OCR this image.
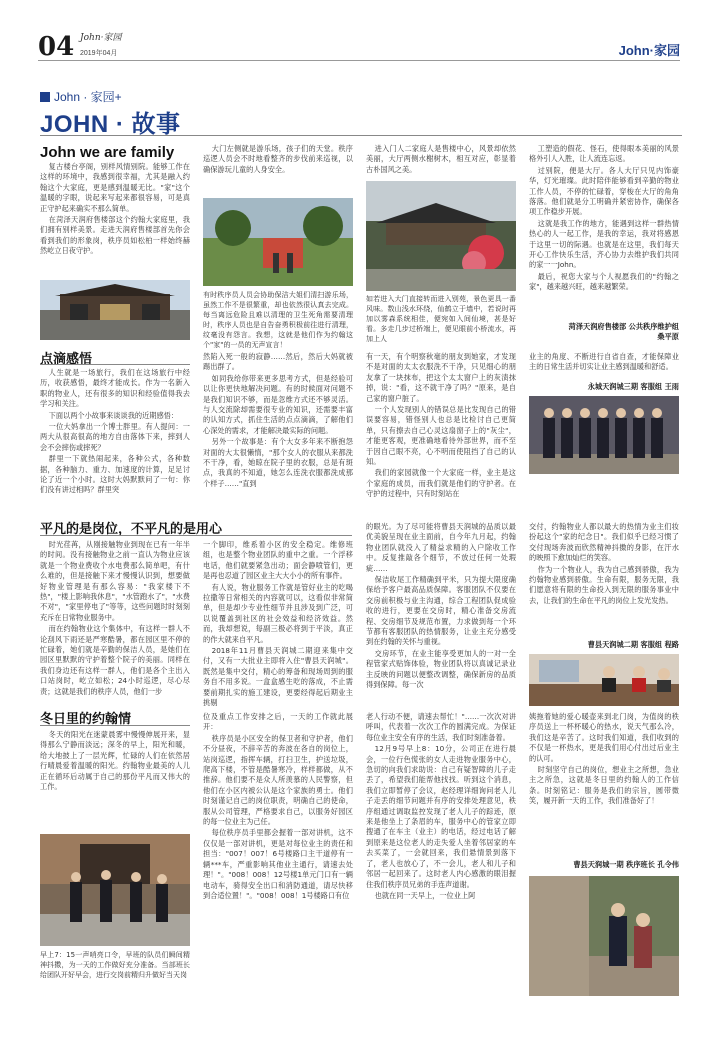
04 John·家园
2019年04月	John·家园
John · 家园+
JOHN · 故事
John we are family

复古楼台亭阁，别样风情别院。能够工作在这样的环境中，我感到很幸福，尤其是融入约翰这个大家庭，更是感到温暖无比。"家"这个温暖的字眼，说起来写起来都很容易，可是真正守护起来确实不那么简单。

在菏泽天润府售楼部这个约翰大家庭里，我们拥有别样美景。走进天润府售楼部首先你会看到我们的形象岗，秩序员如松柏一样始终赫然屹立日夜守护。

大门左侧就是游乐场，孩子们的天堂。秩序巡逻人员会不时地看整齐的步伐前来巡视，以确保游玩儿童的人身安全。

有时秩序员人员会协助保洁大姐们清扫游乐场，虽然工作不是很繁重，却也依然很认真去完成。每当离远危险且难以清理的卫生死角需要清理时，秩序人员也是自告奋勇积极前往进行清理，纹毫没有怨言。我想，这就是他们作为约翰这个"家"的一员的无声宣言！

进入门人二家庭人是售楼中心，风景却依然美丽，大厅两侧水榭树木，相互对应，彰显着古朴国风之美。

如若进入大门直接转而进入别苑，景色更具一番风味。数山浅水环绕，仙鹤立于墙中，若说时再加以雾森系统相佳，便宛如入间仙境，甚是好看。多走几步过桥端上，便见眼前小桥流水，再加上人

工塑造的假花、怪石，使得眼本美丽的风景格外引人入胜，让人流连忘返。

过别院，便是大厅。各人大厅只见内饰豪华，灯光璀璨。此时陪伴能够看到辛勤的物业工作人员，不停的忙碌着，穿梭在大厅的角角落落。他们就是分工明确并紧密协作，确保各项工作稳步开展。

这就是我工作的地方，能遇到这样一群热情热心的人一起工作，是我的幸运，我对将感恩于这里一切的际遇。也就是在这里，我们每天开心工作快乐生活，齐心协力去维护我们共同的家一一John。

最后，祝您大家与个人视愿我们的"约翰之家"，越来越兴旺，越来越繁荣。

菏泽天润府售楼部 公共秩序维护组
桑平原
点滴感悟

人生就是一场旅行，我们在这场旅行中经历，收获感悟，最终才能成长。作为一名新入职的物业人，还有很多的知识和经验值得我去学习和关注。

下面以两个小故事来谈谈我的近期感悟：

一位大妈拿出一个博士胖里。有人提问：一两大从很高很高的地方自由落体下来，摔到人会不会摔伤或摔死？

群里一下就热闹起来，各种公式，各种数据，各种脑力、重力、加速度的计算，足足讨论了近一个小时。这时大妈默默问了一句：你们没有讲过相吗？群里突

然陷入死一般的寂静……然后，然后大妈就被踢出群了。

如同我给你带来更多思考方式，但是经验可以让你更快地解决问题。有的时候面对问题不是我们知识不够，而是忽维方式还不够灵活。与人交流除却需要很专业的知识，还需要丰富的认知方式，抓住生活的点点滴滴，了解他们心深处的需求，才能解决最实际的问题。

另外一个故事是：有个大女多年来不断抱怨对面的大太很懒惰，"那个女人的衣服从来都洗不干净，看，她晾在院子里的衣服，总是有斑点，我真的不知道，她怎么连洗衣服都洗成那个样子……"直到

有一天，有个明察秋毫的朋友到她家，才发现不是对面的太太衣服洗不干净，只见细心的朋友拿了一块抹布，把这个太太窗户上的灰渍抹掉，说："看，这不就干净了吗？"原来，是自己家的窗户脏了。

一个人发现别人的错误总是比发现自己的错误要容易，错怪别人也总是比检讨自己更简单，只有擦去自己心灵这扇窗子上的"灰尘"，才能更客观，更准确地看待外部世界，而不至于因自己眼不亮，心不明而使阻挡了自己的认知。

我们的家园就像一个大家庭一样，业主是这个家庭的成员，而我们就是他们的守护者。在守护的过程中，只有时刻站在

业主的角度、不断进行自省自查，才能保障业主的日常生活并切实让业主感到温暖和舒适。

永城天润城三期 客服组 王雨
平凡的是岗位，不平凡的是用心

时光荏苒，从刚接触物业到现在已有一年半的时间。没有接触物业之前一直认为物业应该就是一个物业费收个水电费那么简单吧，有什么难的，但是接触下来才慢慢认识到，想要做好物业管理是有那么容易："我家楼下不热"，"楼上影响我休息"，"水管跑水了"，"水费不对"，"家里停电了"等等，这些问题时时刻刻充斥在日常物业服务中。

而在约翰物业这个集体中，有这样一群人不论刮风下雨还是严寒酷暑，都在园区里不停的忙碌着，她们就是辛勤的保洁人员，是她们在园区里默默的守护着整个院子的美丽。同样在我们身边还有这样一群人，他们是各个主出入口站岗时，屹立如松；24小时巡逻，尽心尽责；这就是我们的秩序人员，他们一步

一个脚印，维系着小区的安全稳定。维修班组，也是整个物业团队的重中之重。一个浮移电话，他们就要紧急出动；面会静喷管们，更是再也忍道了园区业主大大小小的所有事件。

有人说，物业服务工作就是管好业主的吃喝拉撒等日常相关的内容就可以，这看似非常简单，但是却少专业性细节并且涉及到广泛，可以说覆盖到社区的社会效益和经济效益。然而，我却想说，每副三极必将到于平淡，真正的作大就来自平凡。

2018年11月曹县天润城二期迎来集中交付，又有一大批业主即将入住"曹县天润城"。既然是集中交付，精心的筹备和现场周到的服务自不用多说。一盒盒感生吃的落成，不止需要前期扎实的施工建设，更要经得起后期业主挑剔

的眼光。为了尽可能将曹县天润城的品质以最优美貌呈现在业主面前，自今年九月起，约翰物业团队就没入了精益求精的入户除收工作中。反复推敲各个细节，不放过任何一处瑕疵……

保洁收尾工作精确到平米，只为提大限度确保给予客户最高品质保障。客服团队不仅要在交房前积极与业主沟通，综合工程团队促成验收的进行，更要在交房时，精心准备交房流程、交房细节及规范布置，力求做到每一个环节都有客服团队的热情服务，让业主充分感受到在约翰的关怀与重视。

交房环节，在业主能享受更加人的一对一全程管家式贴饰体验，物业团队将以真诚记录业主反映的问题以便整改调整，确保新房的品质得到保障。每一次

交付，约翰物业人都以最大的热情为业主们妆扮起这个"家的纪念日"。我们似乎已经习惯了交付现场奔波而欣然精神抖擞的身影，在汗水的映照下愈加灿烂的笑容。

作为一个物业人，我为自己感到骄傲，我为约翰物业感到骄傲。生命有限，服务无限，我们愿意将有限的生命投入到无限的服务事业中去，让我们的生命在平凡的岗位上发光发热。

曹县天润城二期 客服组 程路
冬日里的约翰情

冬天的阳光在迷蒙晨雾中慢慢伸展开来，显得那么宁静而淡远；深冬的早上，阳光和暖，给大地披上了一层光辉，忙碌的人们在依然居行晴晨爱着温暖的阳光。约翰物业最美的人儿正在循环后动属于自己的那份平凡而又伟大的工作。

早上7：15一声哨亮口令，早班的队员们瞬间精神抖擞，为一天的工作做好充分准备。当部班长给团队开好早会，进行交岗前精归升做好当天岗

位及重点工作安排之后，一天的工作就此展开：

秩序员是小区安全的保卫者和守护者，他们不分昼夜，不辞辛苦的奔波在各自的岗位上，站岗巡逻，指挥车辆，打扫卫生，护送垃圾，爬高下楼，不管是酷暑寒冷，样样都做，从不推辞。他们要不是众人所羡慕的人民警察，但他们在小区内被公认是这个家族的勇士。他们时刻谨记自己的岗位职责，明确自己的使命，服从公司管理，严格要求自己，以服务好园区的每一位业主为己任。

每位秩序员手里都会握着一部对讲机，这不仅仅是一部对讲机，更是对每位业主的责任和担当："007！007！6号楼路口主干道停有一辆***车，严重影响其他业主通行，请速去处理！"。"008！008！12号楼1单元门口有一辆电动车，骑得安全出口和消防通道，请尽快移到合适位置！"。"008！008！1号楼路口有位

老人行动不便，请速去帮忙！"……一次次对讲呼叫，代表着一次次工作的圆满完成。为保证每位业主安全有序的生活，我们时刻准备着。

12月9号早上8：10分，公司正在进行晨会，一位行色慌张的女人走进物业服务中心，急切的向我们求助说：自己有疑智障的儿子走丢了，希望我们能帮他找找。听到这个消息，我们立即暂停了会议，赵经理详细询问老人儿子走丢的细节问题并有序的安排处理意见，秩序组通过调取监控发现了老人儿子的踪迹，原来是他坐上了条眉的车，服务中心的管家立即搜通了在车主（业主）的电话，经过电话了解到原来是这位老人的走失爱人坐着邻居家的车去买菜了，一会就回来，我们悬情景到落下了，老人也放心了，不一会儿，老人和儿子和邻居一起回来了。这时老人内心感激的眼泪握住我们秩序员兄弟的手连声道谢。

也就在同一天早上，一位业上阿

姨拖着她的爱心暖壶来到北门岗，为值岗的秩序员送上一杯杯暖心的热水，说天气那么冷，我们这是辛苦了。这时我们知道，我们收到的不仅是一杯热水，更是我们用心付出过后业主的认可。

时刻坚守自己的岗位，想业主之所想，急业主之所急，这就是冬日里的约翰人的工作信条。时刻铭记：服务是我们的宗旨，圆带微笑，履开新一天的工作，我们准备好了！

曹县天润城一期 秩序班长 孔令伟
